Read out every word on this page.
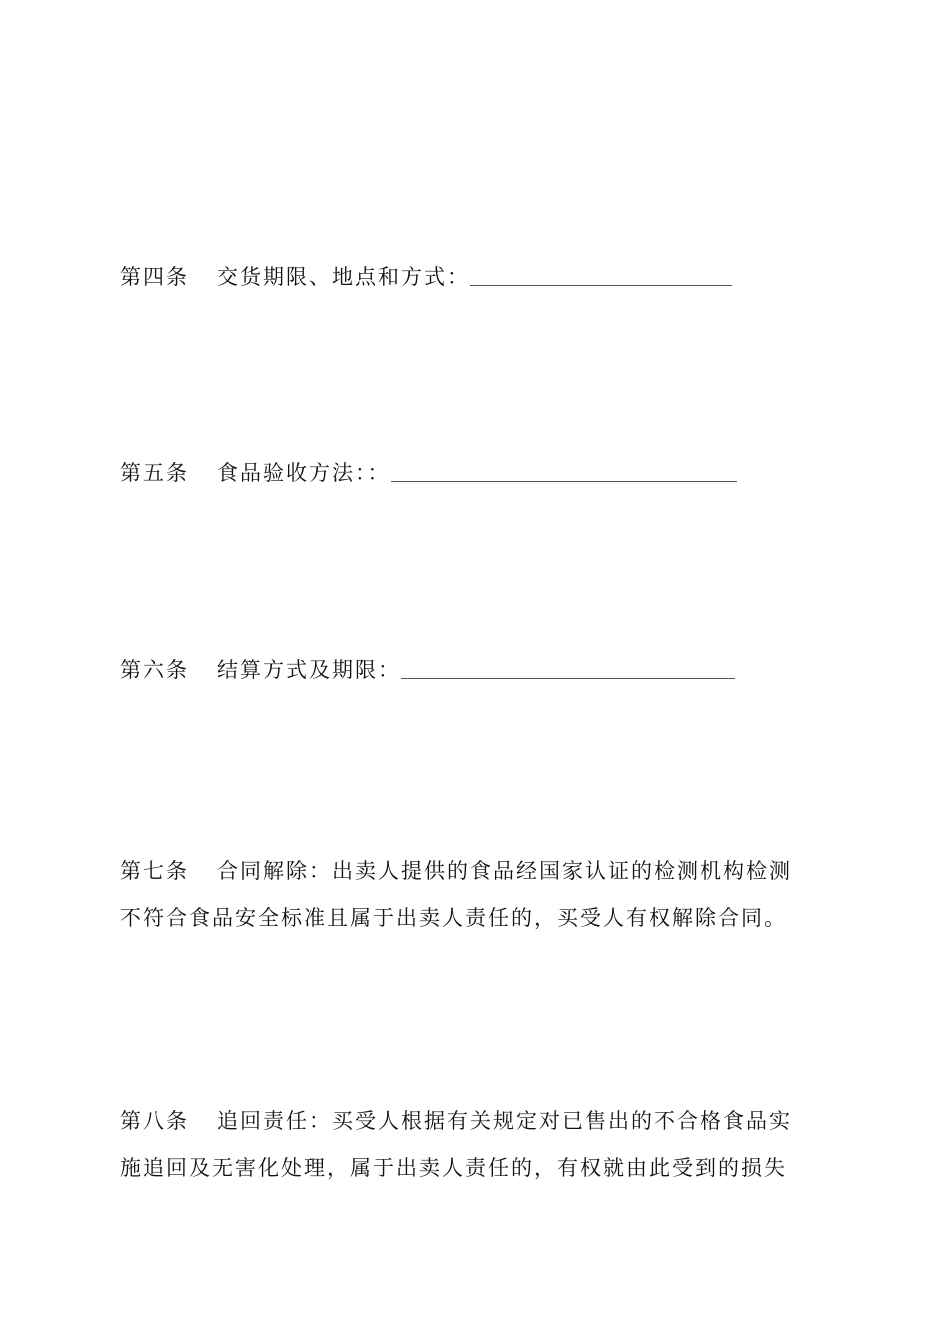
第四条 交货期限、地点和方式：
第五条 食品验收方法：：
第六条 结算方式及期限：
第七条 合同解除：出卖人提供的食品经国家认证的检测机构检测
不符合食品安全标准且属于出卖人责任的，买受人有权解除合同。
第八条 追回责任：买受人根据有关规定对已售出的不合格食品实
施追回及无害化处理，属于出卖人责任的，有权就由此受到的损失
